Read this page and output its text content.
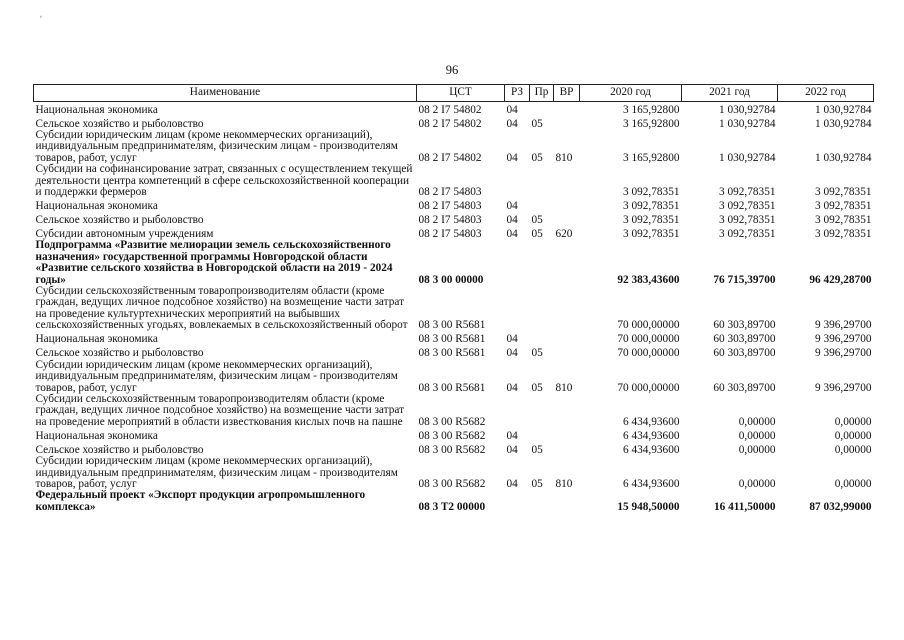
ʹ
96
Наименование	ЦСТ	РЗ	Пр	ВР	2020 год	2021 год	2022 год
Национальная экономика	08 2 I7 54802	04			3 165,92800	1 030,92784	1 030,92784
Сельское хозяйство и рыболовство	08 2 I7 54802	04	05		3 165,92800	1 030,92784	1 030,92784
Субсидии юридическим лицам (кроме некоммерческих организаций), индивидуальным предпринимателям, физическим лицам - производителям товаров, работ, услуг	08 2 I7 54802	04	05	810	3 165,92800	1 030,92784	1 030,92784
Субсидии на софинансирование затрат, связанных с осуществлением текущей деятельности центра компетенций в сфере сельскохозяйственной кооперации и поддержки фермеров	08 2 I7 54803				3 092,78351	3 092,78351	3 092,78351
Национальная экономика	08 2 I7 54803	04			3 092,78351	3 092,78351	3 092,78351
Сельское хозяйство и рыболовство	08 2 I7 54803	04	05		3 092,78351	3 092,78351	3 092,78351
Субсидии автономным учреждениям	08 2 I7 54803	04	05	620	3 092,78351	3 092,78351	3 092,78351
Подпрограмма «Развитие мелиорации земель сельскохозяйственного назначения» государственной программы Новгородской области «Развитие сельского хозяйства в Новгородской области на 2019 - 2024 годы»	08 3 00 00000				92 383,43600	76 715,39700	96 429,28700
Субсидии сельскохозяйственным товаропроизводителям области (кроме граждан, ведущих личное подсобное хозяйство) на возмещение части затрат на проведение культуртехнических мероприятий на выбывших сельскохозяйственных угодьях, вовлекаемых в сельскохозяйственный оборот	08 3 00 R5681				70 000,00000	60 303,89700	9 396,29700
Национальная экономика	08 3 00 R5681	04			70 000,00000	60 303,89700	9 396,29700
Сельское хозяйство и рыболовство	08 3 00 R5681	04	05		70 000,00000	60 303,89700	9 396,29700
Субсидии юридическим лицам (кроме некоммерческих организаций), индивидуальным предпринимателям, физическим лицам - производителям товаров, работ, услуг	08 3 00 R5681	04	05	810	70 000,00000	60 303,89700	9 396,29700
Субсидии сельскохозяйственным товаропроизводителям области (кроме граждан, ведущих личное подсобное хозяйство) на возмещение части затрат на проведение мероприятий в области известкования кислых почв на пашне	08 3 00 R5682				6 434,93600	0,00000	0,00000
Национальная экономика	08 3 00 R5682	04			6 434,93600	0,00000	0,00000
Сельское хозяйство и рыболовство	08 3 00 R5682	04	05		6 434,93600	0,00000	0,00000
Субсидии юридическим лицам (кроме некоммерческих организаций), индивидуальным предпринимателям, физическим лицам - производителям товаров, работ, услуг	08 3 00 R5682	04	05	810	6 434,93600	0,00000	0,00000
Федеральный проект «Экспорт продукции агропромышленного комплекса»	08 3 T2 00000				15 948,50000	16 411,50000	87 032,99000
